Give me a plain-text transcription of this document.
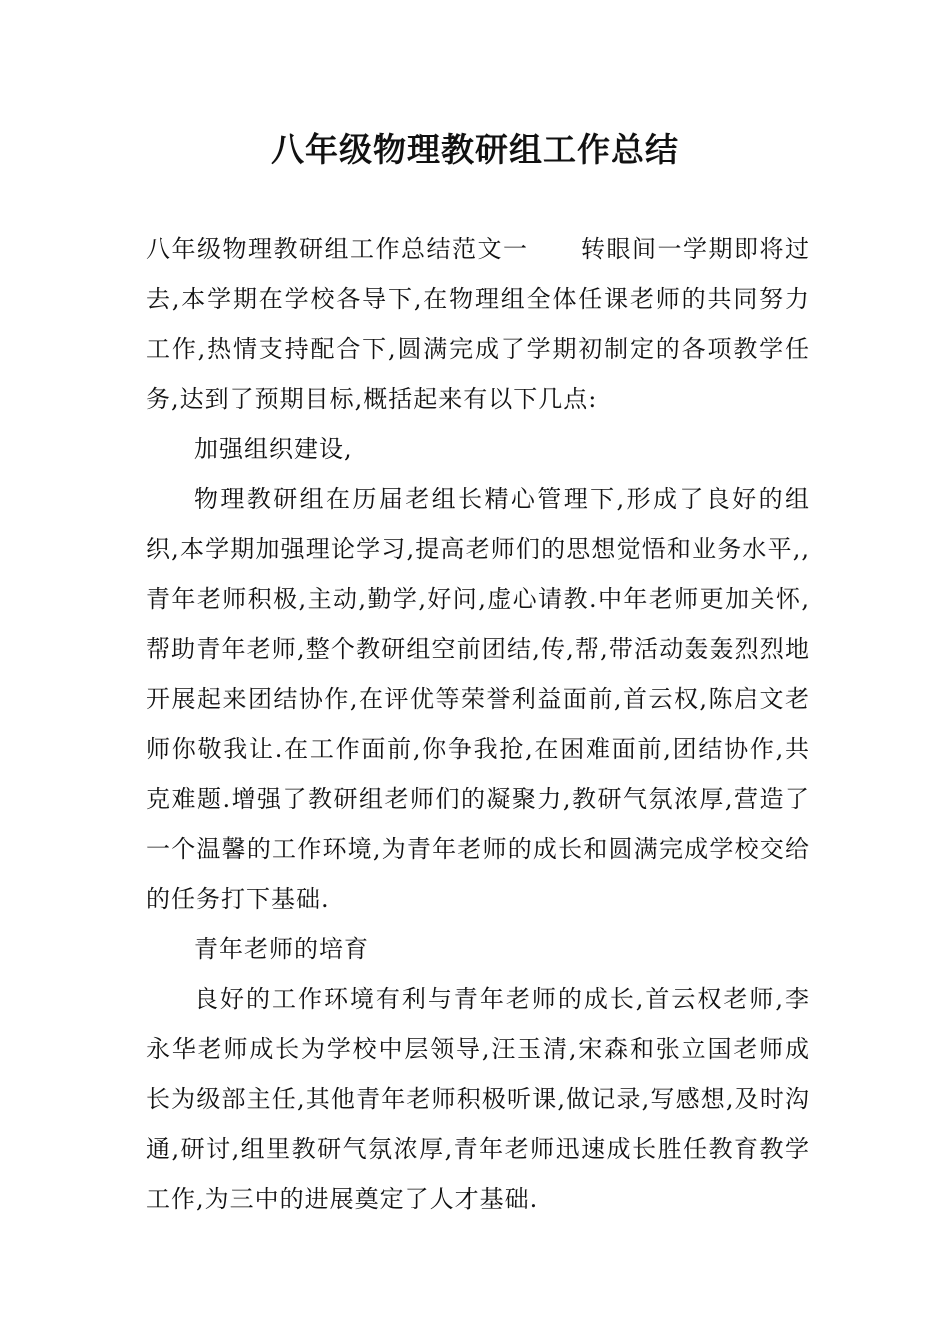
八年级物理教研组工作总结

八年级物理教研组工作总结范文一 转眼间一学期即将过去,本学期在学校各导下,在物理组全体任课老师的共同努力工作,热情支持配合下,圆满完成了学期初制定的各项教学任务,达到了预期目标,概括起来有以下几点:

加强组织建设,

物理教研组在历届老组长精心管理下,形成了良好的组织,本学期加强理论学习,提高老师们的思想觉悟和业务水平,,青年老师积极,主动,勤学,好问,虚心请教.中年老师更加关怀,帮助青年老师,整个教研组空前团结,传,帮,带活动轰轰烈烈地开展起来团结协作,在评优等荣誉利益面前,首云权,陈启文老师你敬我让.在工作面前,你争我抢,在困难面前,团结协作,共克难题.增强了教研组老师们的凝聚力,教研气氛浓厚,营造了一个温馨的工作环境,为青年老师的成长和圆满完成学校交给的任务打下基础.

青年老师的培育

良好的工作环境有利与青年老师的成长,首云权老师,李永华老师成长为学校中层领导,汪玉清,宋森和张立国老师成长为级部主任,其他青年老师积极听课,做记录,写感想,及时沟通,研讨,组里教研气氛浓厚,青年老师迅速成长胜任教育教学工作,为三中的进展奠定了人才基础.
